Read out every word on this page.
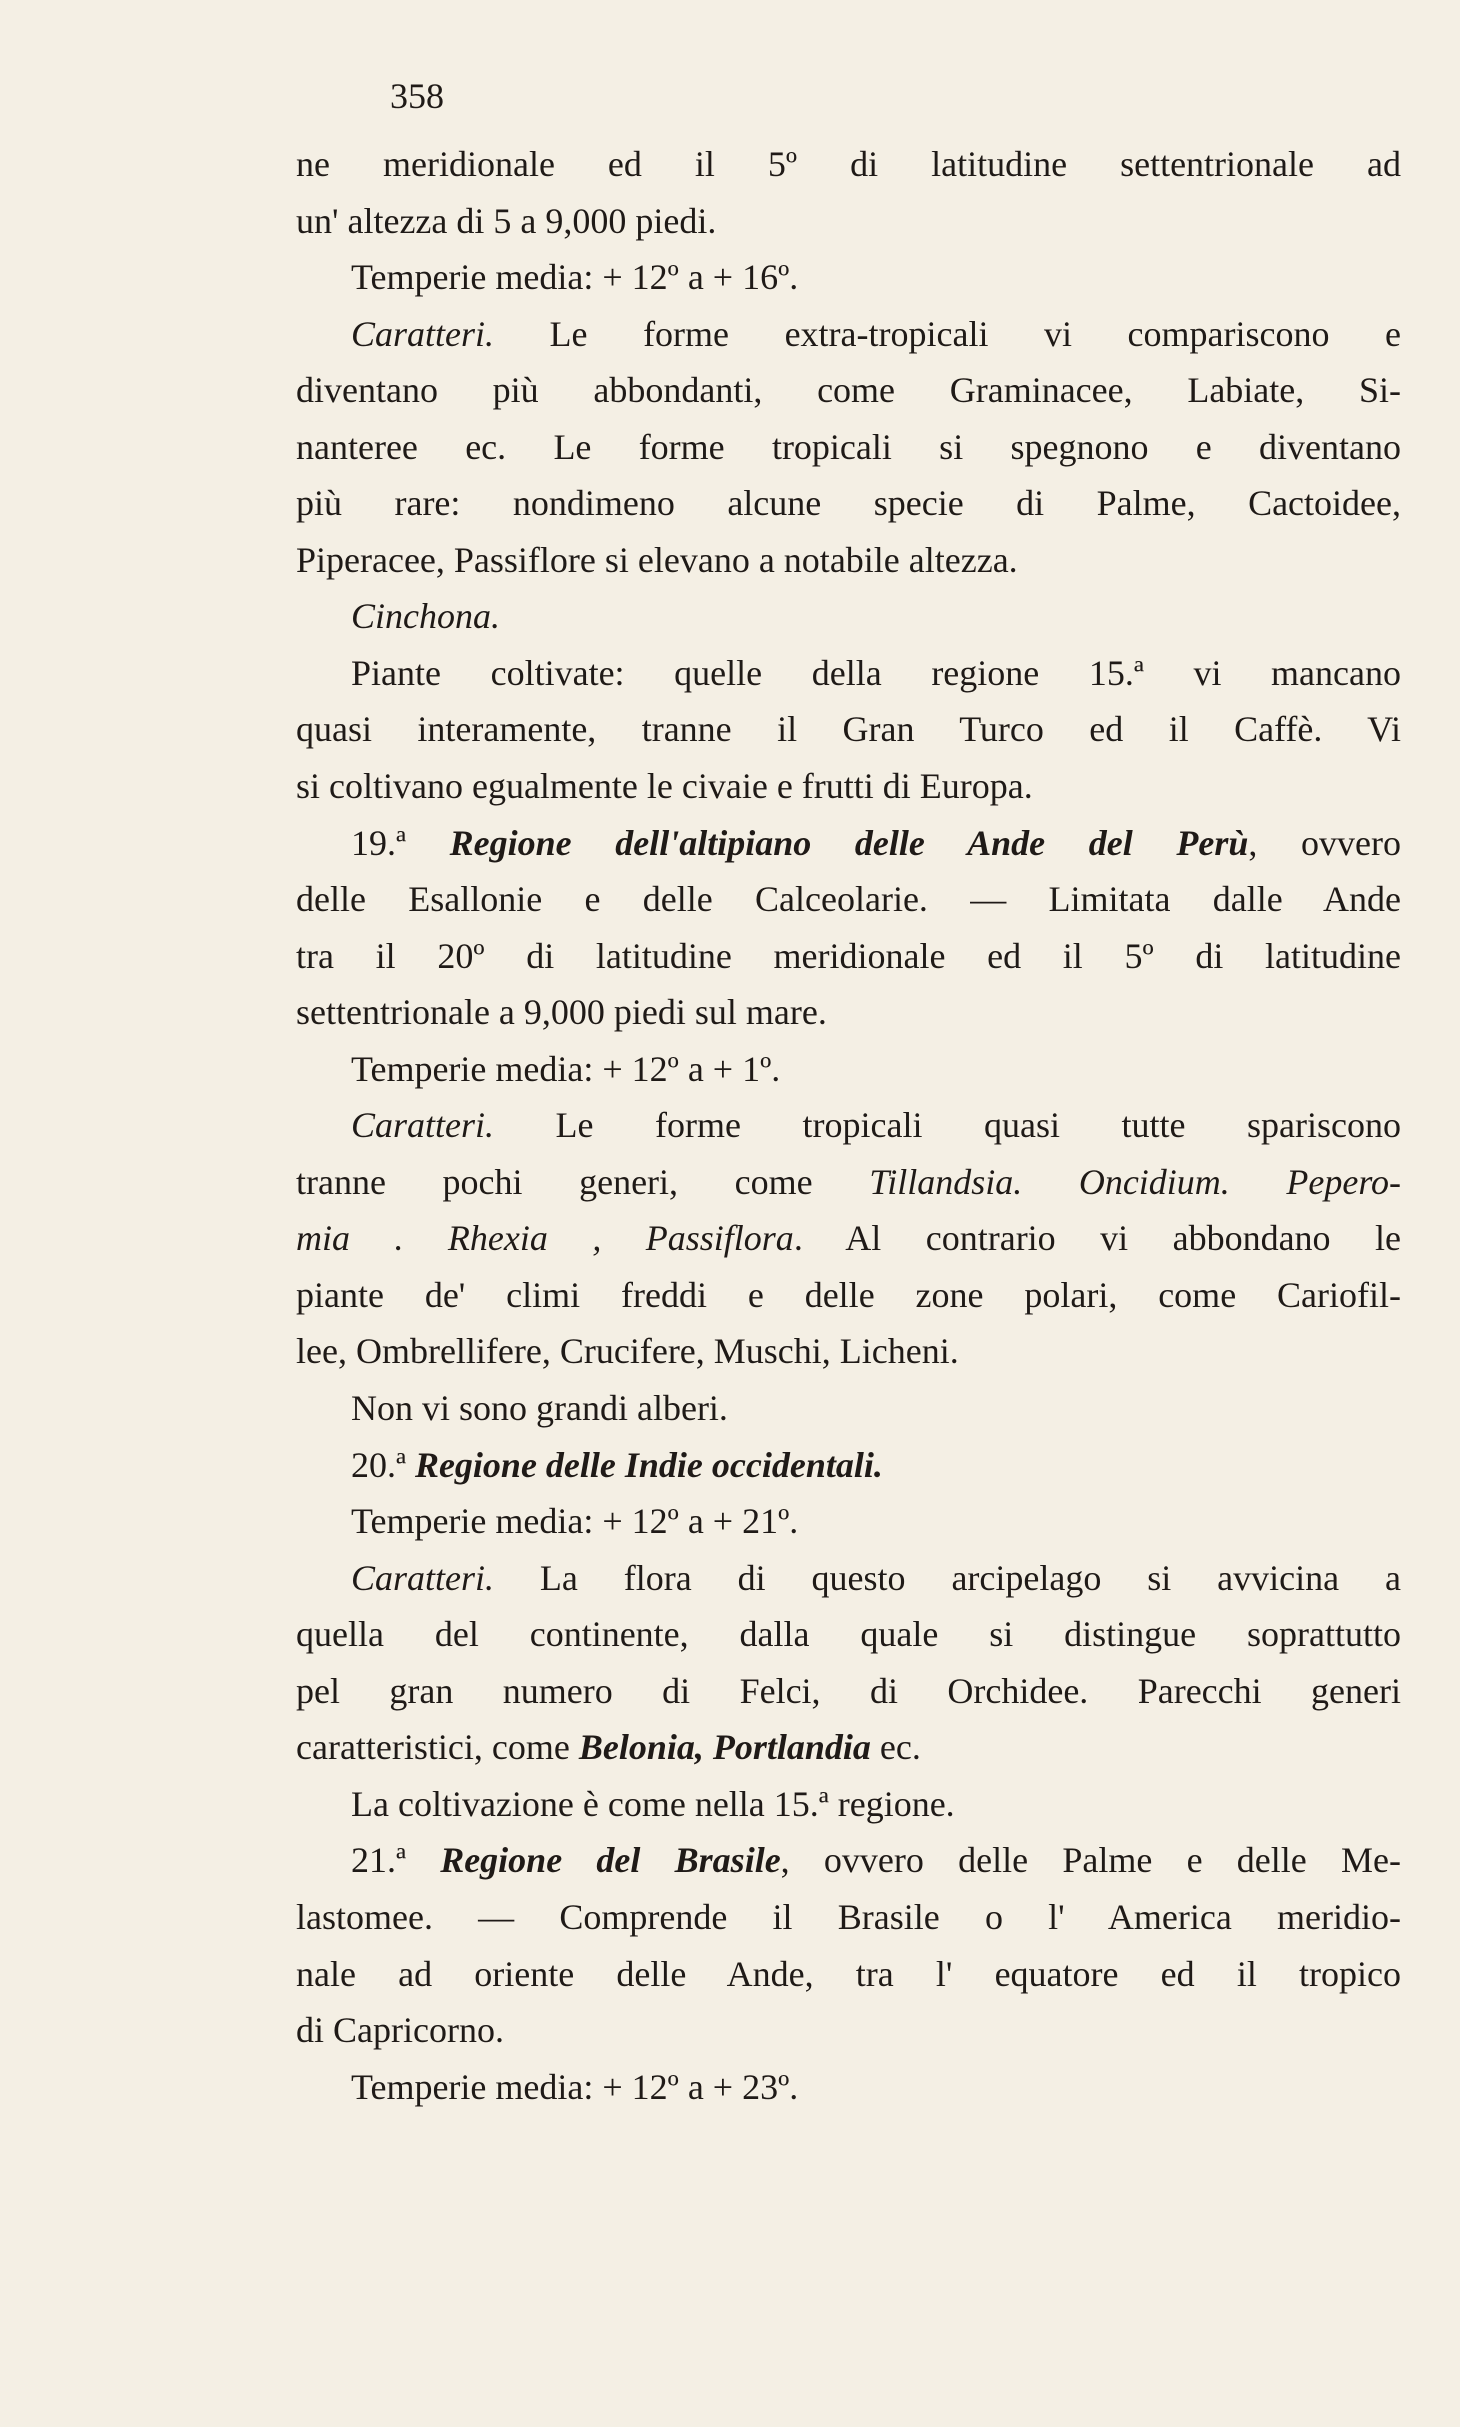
358
ne meridionale ed il 5º di latitudine settentrionale ad
un' altezza di 5 a 9,000 piedi.
Temperie media: + 12º a + 16º.
Caratteri. Le forme extra-tropicali vi compariscono e
diventano più abbondanti, come Graminacee, Labiate, Si-
nanteree ec. Le forme tropicali si spegnono e diventano
più rare: nondimeno alcune specie di Palme, Cactoidee,
Piperacee, Passiflore si elevano a notabile altezza.
Cinchona.
Piante coltivate: quelle della regione 15.ª vi mancano
quasi interamente, tranne il Gran Turco ed il Caffè. Vi
si coltivano egualmente le civaie e frutti di Europa.
19.ª Regione dell'altipiano delle Ande del Perù, ovvero
delle Esallonie e delle Calceolarie. — Limitata dalle Ande
tra il 20º di latitudine meridionale ed il 5º di latitudine
settentrionale a 9,000 piedi sul mare.
Temperie media: + 12º a + 1º.
Caratteri. Le forme tropicali quasi tutte spariscono
tranne pochi generi, come Tillandsia. Oncidium. Pepero-
mia . Rhexia , Passiflora. Al contrario vi abbondano le
piante de' climi freddi e delle zone polari, come Cariofil-
lee, Ombrellifere, Crucifere, Muschi, Licheni.
Non vi sono grandi alberi.
20.ª Regione delle Indie occidentali.
Temperie media: + 12º a + 21º.
Caratteri. La flora di questo arcipelago si avvicina a
quella del continente, dalla quale si distingue soprattutto
pel gran numero di Felci, di Orchidee. Parecchi generi
caratteristici, come Belonia, Portlandia ec.
La coltivazione è come nella 15.ª regione.
21.ª Regione del Brasile, ovvero delle Palme e delle Me-
lastomee. — Comprende il Brasile o l' America meridio-
nale ad oriente delle Ande, tra l' equatore ed il tropico
di Capricorno.
Temperie media: + 12º a + 23º.
